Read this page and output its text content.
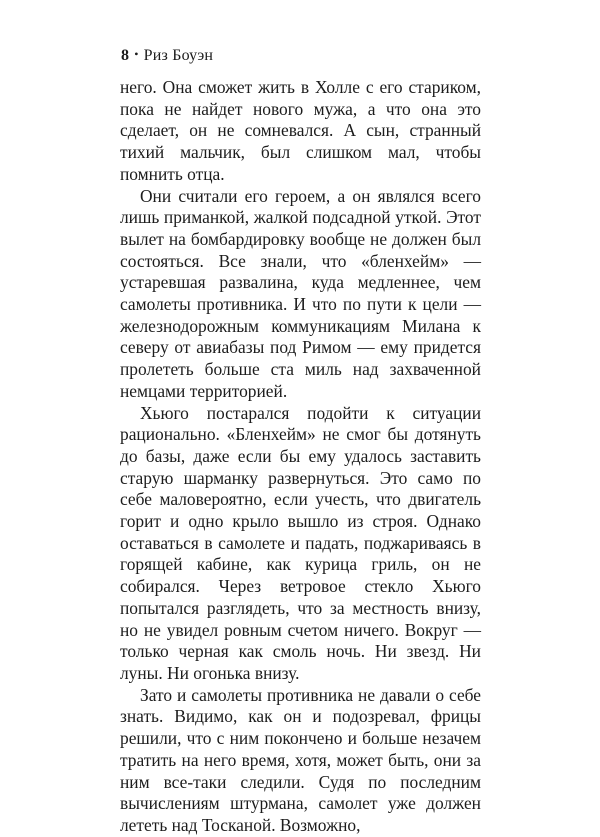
8 • Риз Боуэн

него. Она сможет жить в Холле с его стариком, пока не найдет нового мужа, а что она это сделает, он не сомневался. А сын, странный тихий мальчик, был слишком мал, чтобы помнить отца.

Они считали его героем, а он являлся всего лишь приманкой, жалкой подсадной уткой. Этот вылет на бомбардировку вообще не должен был состояться. Все знали, что «бленхейм» — устаревшая развалина, куда медленнее, чем самолеты противника. И что по пути к цели — железнодорожным коммуникациям Милана к северу от авиабазы под Римом — ему придется пролететь больше ста миль над захваченной немцами территорией.

Хьюго постарался подойти к ситуации рационально. «Бленхейм» не смог бы дотянуть до базы, даже если бы ему удалось заставить старую шарманку развернуться. Это само по себе маловероятно, если учесть, что двигатель горит и одно крыло вышло из строя. Однако оставаться в самолете и падать, поджариваясь в горящей кабине, как курица гриль, он не собирался. Через ветровое стекло Хьюго попытался разглядеть, что за местность внизу, но не увидел ровным счетом ничего. Вокруг — только черная как смоль ночь. Ни звезд. Ни луны. Ни огонька внизу.

Зато и самолеты противника не давали о себе знать. Видимо, как он и подозревал, фрицы решили, что с ним покончено и больше незачем тратить на него время, хотя, может быть, они за ним все-таки следили. Судя по последним вычислениям штурмана, самолет уже должен лететь над Тосканой. Возможно,
